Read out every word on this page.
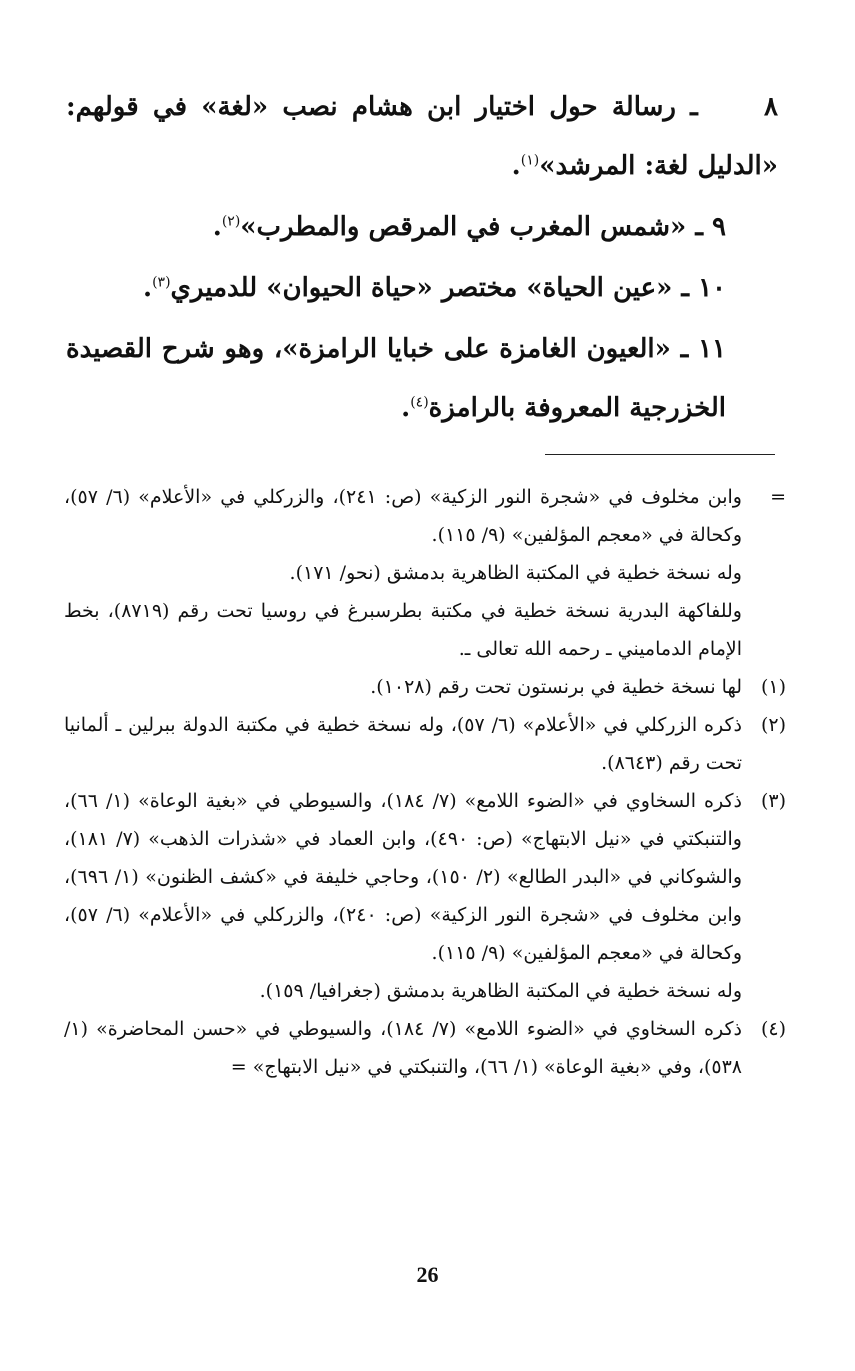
٨ ـ رسالة حول اختيار ابن هشام نصب «لغة» في قولهم: «الدليل لغة: المرشد»$^{(١)}$.

٩ ـ «شمس المغرب في المرقص والمطرب»$^{(٢)}$.

١٠ ـ «عين الحياة» مختصر «حياة الحيوان» للدميري$^{(٣)}$.

١١ ـ «العيون الغامزة على خبايا الرامزة»، وهو شرح القصيدة الخزرجية المعروفة بالرامزة$^{(٤)}$.

=

وابن مخلوف في «شجرة النور الزكية» (ص: ٢٤١)، والزركلي في «الأعلام» (٦/ ٥٧)، وكحالة في «معجم المؤلفين» (٩/ ١١٥).

وله نسخة خطية في المكتبة الظاهرية بدمشق (نحو/ ١٧١).

وللفاكهة البدرية نسخة خطية في مكتبة بطرسبرغ في روسيا تحت رقم (٨٧١٩)، بخط الإمام الدماميني ـ رحمه الله تعالى ـ.

(١)

لها نسخة خطية في برنستون تحت رقم (١٠٢٨).

(٢)

ذكره الزركلي في «الأعلام» (٦/ ٥٧)، وله نسخة خطية في مكتبة الدولة ببرلين ـ ألمانيا تحت رقم (٨٦٤٣).

(٣)

ذكره السخاوي في «الضوء اللامع» (٧/ ١٨٤)، والسيوطي في «بغية الوعاة» (١/ ٦٦)، والتنبكتي في «نيل الابتهاج» (ص: ٤٩٠)، وابن العماد في «شذرات الذهب» (٧/ ١٨١)، والشوكاني في «البدر الطالع» (٢/ ١٥٠)، وحاجي خليفة في «كشف الظنون» (١/ ٦٩٦)، وابن مخلوف في «شجرة النور الزكية» (ص: ٢٤٠)، والزركلي في «الأعلام» (٦/ ٥٧)، وكحالة في «معجم المؤلفين» (٩/ ١١٥).

وله نسخة خطية في المكتبة الظاهرية بدمشق (جغرافيا/ ١٥٩).

(٤)

ذكره السخاوي في «الضوء اللامع» (٧/ ١٨٤)، والسيوطي في «حسن المحاضرة» (١/ ٥٣٨)، وفي «بغية الوعاة» (١/ ٦٦)، والتنبكتي في «نيل الابتهاج» =

26
